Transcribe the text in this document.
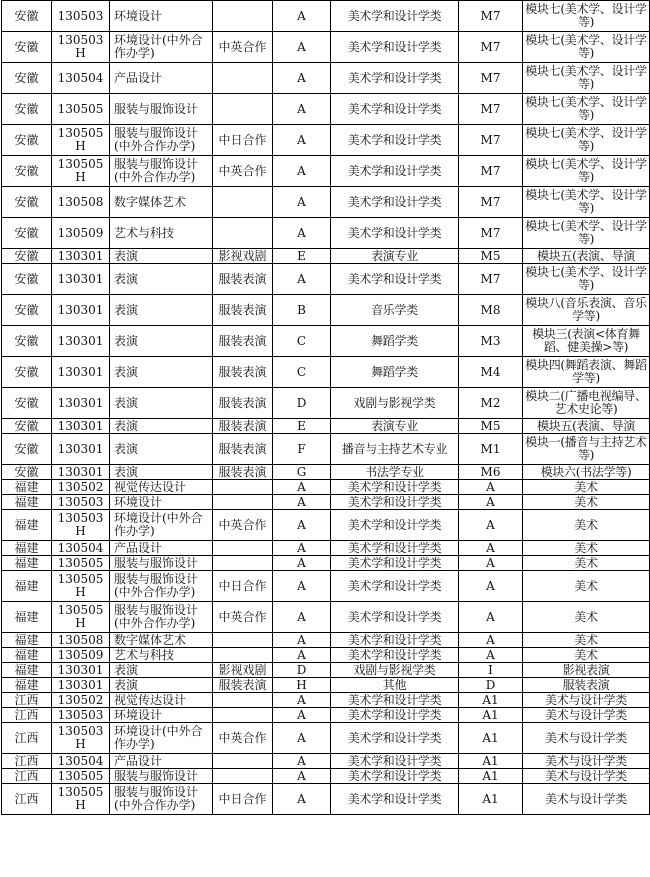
安徽	130503	环境设计		A	美术学和设计学类	M7	模块七(美术学、设计学等)
安徽	130503H	环境设计(中外合作办学)	中英合作	A	美术学和设计学类	M7	模块七(美术学、设计学等)
安徽	130504	产品设计		A	美术学和设计学类	M7	模块七(美术学、设计学等)
安徽	130505	服装与服饰设计		A	美术学和设计学类	M7	模块七(美术学、设计学等)
安徽	130505H	服装与服饰设计(中外合作办学)	中日合作	A	美术学和设计学类	M7	模块七(美术学、设计学等)
安徽	130505H	服装与服饰设计(中外合作办学)	中英合作	A	美术学和设计学类	M7	模块七(美术学、设计学等)
安徽	130508	数字媒体艺术		A	美术学和设计学类	M7	模块七(美术学、设计学等)
安徽	130509	艺术与科技		A	美术学和设计学类	M7	模块七(美术学、设计学等)
安徽	130301	表演	影视戏剧	E	表演专业	M5	模块五(表演、导演
安徽	130301	表演	服装表演	A	美术学和设计学类	M7	模块七(美术学、设计学等)
安徽	130301	表演	服装表演	B	音乐学类	M8	模块八(音乐表演、音乐学等)
安徽	130301	表演	服装表演	C	舞蹈学类	M3	模块三(表演<体育舞蹈、健美操>等)
安徽	130301	表演	服装表演	C	舞蹈学类	M4	模块四(舞蹈表演、舞蹈学等)
安徽	130301	表演	服装表演	D	戏剧与影视学类	M2	模块二(广播电视编导、艺术史论等)
安徽	130301	表演	服装表演	E	表演专业	M5	模块五(表演、导演
安徽	130301	表演	服装表演	F	播音与主持艺术专业	M1	模块一(播音与主持艺术等)
安徽	130301	表演	服装表演	G	书法学专业	M6	模块六(书法学等)
福建	130502	视觉传达设计		A	美术学和设计学类	A	美术
福建	130503	环境设计		A	美术学和设计学类	A	美术
福建	130503H	环境设计(中外合作办学)	中英合作	A	美术学和设计学类	A	美术
福建	130504	产品设计		A	美术学和设计学类	A	美术
福建	130505	服装与服饰设计		A	美术学和设计学类	A	美术
福建	130505H	服装与服饰设计(中外合作办学)	中日合作	A	美术学和设计学类	A	美术
福建	130505H	服装与服饰设计(中外合作办学)	中英合作	A	美术学和设计学类	A	美术
福建	130508	数字媒体艺术		A	美术学和设计学类	A	美术
福建	130509	艺术与科技		A	美术学和设计学类	A	美术
福建	130301	表演	影视戏剧	D	戏剧与影视学类	I	影视表演
福建	130301	表演	服装表演	H	其他	D	服装表演
江西	130502	视觉传达设计		A	美术学和设计学类	A1	美术与设计学类
江西	130503	环境设计		A	美术学和设计学类	A1	美术与设计学类
江西	130503H	环境设计(中外合作办学)	中英合作	A	美术学和设计学类	A1	美术与设计学类
江西	130504	产品设计		A	美术学和设计学类	A1	美术与设计学类
江西	130505	服装与服饰设计		A	美术学和设计学类	A1	美术与设计学类
江西	130505H	服装与服饰设计(中外合作办学)	中日合作	A	美术学和设计学类	A1	美术与设计学类
